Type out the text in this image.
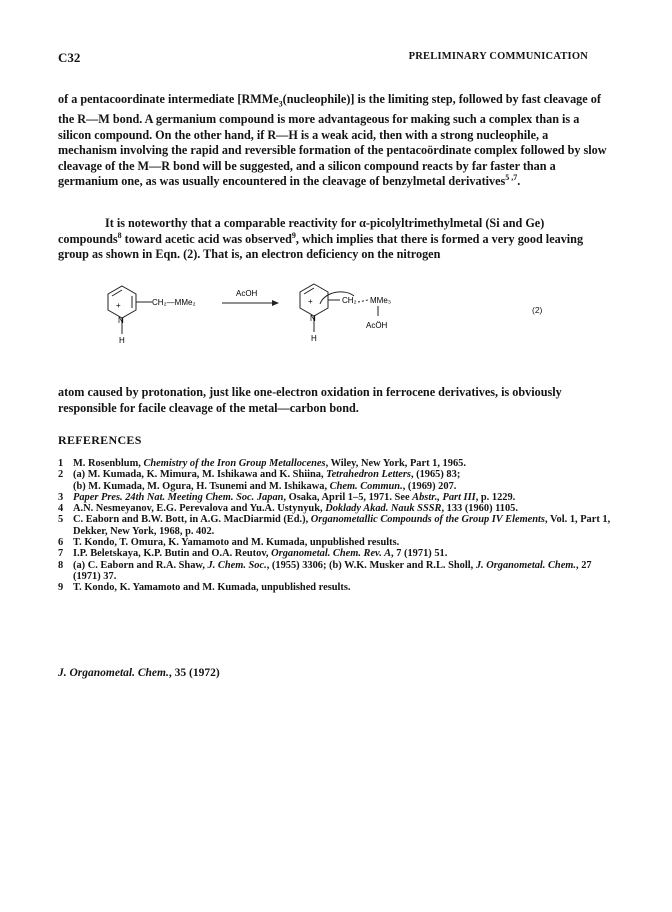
C32	PRELIMINARY COMMUNICATION
of a pentacoordinate intermediate [RMMe$_3$(nucleophile)] is the limiting step, followed by fast cleavage of the R—M bond. A germanium compound is more advantageous for making such a complex than is a silicon compound. On the other hand, if R—H is a weak acid, then with a strong nucleophile, a mechanism involving the rapid and reversible formation of the pentacoördinate complex followed by slow cleavage of the M—R bond will be suggested, and a silicon compound reacts by far faster than a germanium one, as was usually encountered in the cleavage of benzylmetal derivatives$^{5 ,7}$.
It is noteworthy that a comparable reactivity for α-picolyltrimethylmetal (Si and Ge) compounds$^8$ toward acetic acid was observed$^9$, which implies that there is formed a very good leaving group as shown in Eqn. (2). That is, an electron deficiency on the nitrogen
+
N
H
CH₂—MMe₂
AcOH
+
N
H
CH₂ MMe₃
AcÖH
(2)
atom caused by protonation, just like one-electron oxidation in ferrocene derivatives, is obviously responsible for facile cleavage of the metal—carbon bond.
REFERENCES
1 M. Rosenblum, Chemistry of the Iron Group Metallocenes, Wiley, New York, Part 1, 1965.
2 (a) M. Kumada, K. Mimura, M. Ishikawa and K. Shiina, Tetrahedron Letters, (1965) 83;
(b) M. Kumada, M. Ogura, H. Tsunemi and M. Ishikawa, Chem. Commun., (1969) 207.
3 Paper Pres. 24th Nat. Meeting Chem. Soc. Japan, Osaka, April 1–5, 1971. See Abstr., Part III, p. 1229.
4 A.N. Nesmeyanov, E.G. Perevalova and Yu.A. Ustynyuk, Doklady Akad. Nauk SSSR, 133 (1960) 1105.
5 C. Eaborn and B.W. Bott, in A.G. MacDiarmid (Ed.), Organometallic Compounds of the Group IV Elements, Vol. 1, Part 1, Dekker, New York, 1968, p. 402.
6 T. Kondo, T. Omura, K. Yamamoto and M. Kumada, unpublished results.
7 I.P. Beletskaya, K.P. Butin and O.A. Reutov, Organometal. Chem. Rev. A, 7 (1971) 51.
8 (a) C. Eaborn and R.A. Shaw, J. Chem. Soc., (1955) 3306; (b) W.K. Musker and R.L. Sholl, J. Organometal. Chem., 27 (1971) 37.
9 T. Kondo, K. Yamamoto and M. Kumada, unpublished results.
J. Organometal. Chem., 35 (1972)
